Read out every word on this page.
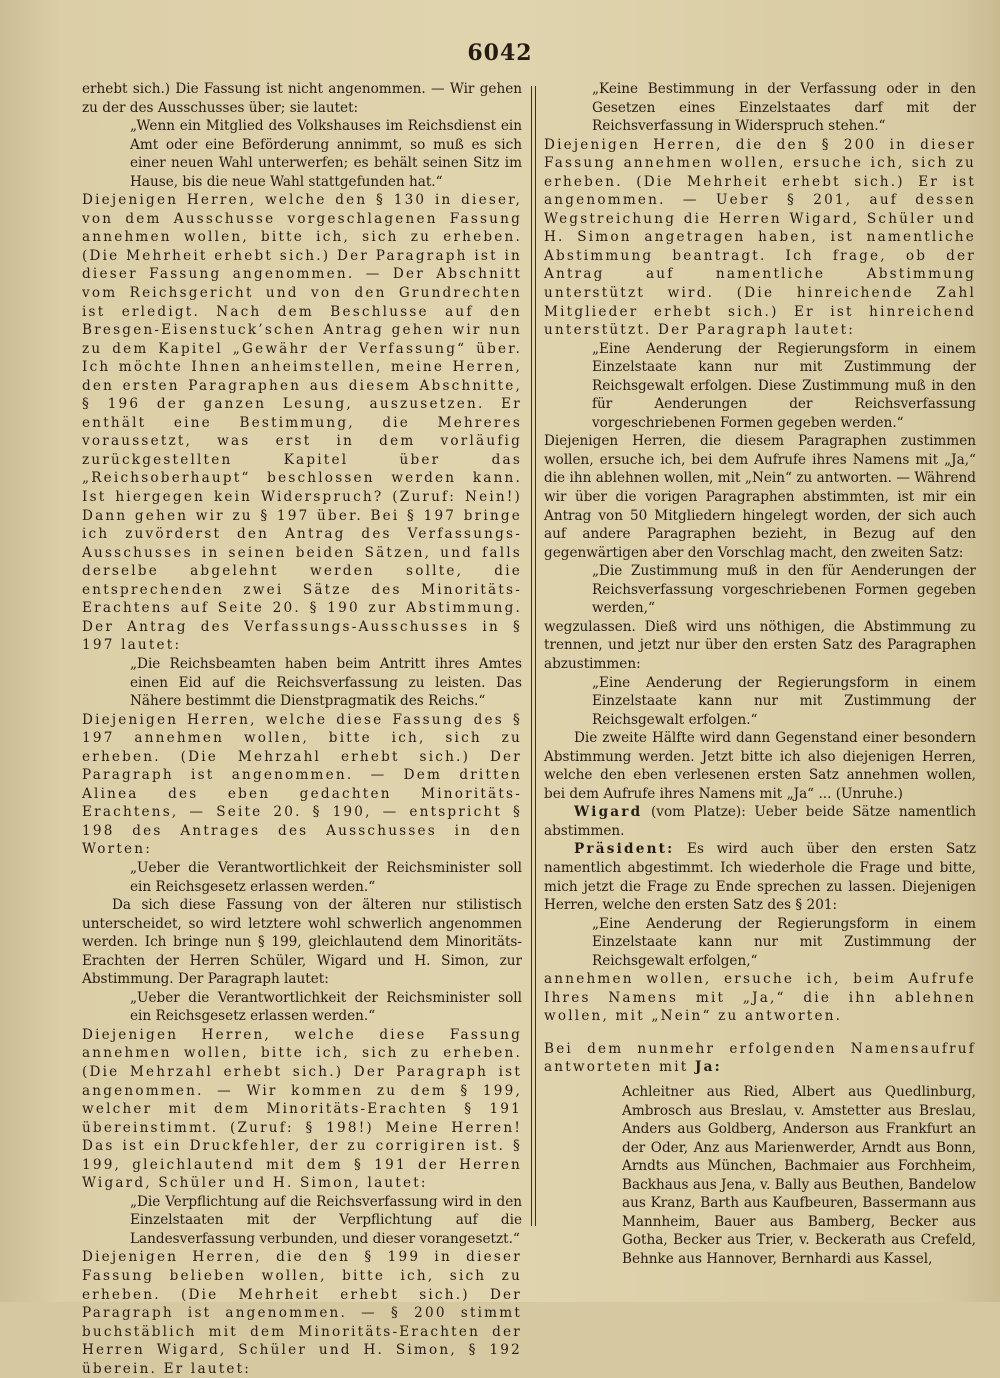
6042

erhebt sich.) Die Fassung ist nicht angenommen. — Wir gehen zu der des Ausschusses über; sie lautet:

„Wenn ein Mitglied des Volkshauses im Reichsdienst ein Amt oder eine Beförderung annimmt, so muß es sich einer neuen Wahl unterwerfen; es behält seinen Sitz im Hause, bis die neue Wahl stattgefunden hat.“

Diejenigen Herren, welche den § 130 in dieser, von dem Ausschusse vorgeschlagenen Fassung annehmen wollen, bitte ich, sich zu erheben. (Die Mehrheit erhebt sich.) Der Paragraph ist in dieser Fassung angenommen. — Der Abschnitt vom Reichsgericht und von den Grundrechten ist erledigt. Nach dem Beschlusse auf den Bresgen-Eisenstuck’schen Antrag gehen wir nun zu dem Kapitel „Gewähr der Verfassung“ über. Ich möchte Ihnen anheimstellen, meine Herren, den ersten Paragraphen aus diesem Abschnitte, § 196 der ganzen Lesung, auszusetzen. Er enthält eine Bestimmung, die Mehreres voraussetzt, was erst in dem vorläufig zurückgestellten Kapitel über das „Reichsoberhaupt“ beschlossen werden kann. Ist hiergegen kein Widerspruch? (Zuruf: Nein!) Dann gehen wir zu § 197 über. Bei § 197 bringe ich zuvörderst den Antrag des Verfassungs-Ausschusses in seinen beiden Sätzen, und falls derselbe abgelehnt werden sollte, die entsprechenden zwei Sätze des Minoritäts-Erachtens auf Seite 20. § 190 zur Abstimmung. Der Antrag des Verfassungs-Ausschusses in § 197 lautet:

„Die Reichsbeamten haben beim Antritt ihres Amtes einen Eid auf die Reichsverfassung zu leisten. Das Nähere bestimmt die Dienstpragmatik des Reichs.“

Diejenigen Herren, welche diese Fassung des § 197 annehmen wollen, bitte ich, sich zu erheben. (Die Mehrzahl erhebt sich.) Der Paragraph ist angenommen. — Dem dritten Alinea des eben gedachten Minoritäts-Erachtens, — Seite 20. § 190, — entspricht § 198 des Antrages des Ausschusses in den Worten:

„Ueber die Verantwortlichkeit der Reichsminister soll ein Reichsgesetz erlassen werden.“

Da sich diese Fassung von der älteren nur stilistisch unterscheidet, so wird letztere wohl schwerlich angenommen werden. Ich bringe nun § 199, gleichlautend dem Minoritäts-Erachten der Herren Schüler, Wigard und H. Simon, zur Abstimmung. Der Paragraph lautet:

„Ueber die Verantwortlichkeit der Reichsminister soll ein Reichsgesetz erlassen werden.“

Diejenigen Herren, welche diese Fassung annehmen wollen, bitte ich, sich zu erheben. (Die Mehrzahl erhebt sich.) Der Paragraph ist angenommen. — Wir kommen zu dem § 199, welcher mit dem Minoritäts-Erachten § 191 übereinstimmt. (Zuruf: § 198!) Meine Herren! Das ist ein Druckfehler, der zu corrigiren ist. § 199, gleichlautend mit dem § 191 der Herren Wigard, Schüler und H. Simon, lautet:

„Die Verpflichtung auf die Reichsverfassung wird in den Einzelstaaten mit der Verpflichtung auf die Landesverfassung verbunden, und dieser vorangesetzt.“

Diejenigen Herren, die den § 199 in dieser Fassung belieben wollen, bitte ich, sich zu erheben. (Die Mehrheit erhebt sich.) Der Paragraph ist angenommen. — § 200 stimmt buchstäblich mit dem Minoritäts-Erachten der Herren Wigard, Schüler und H. Simon, § 192 überein. Er lautet:

„Keine Bestimmung in der Verfassung oder in den Gesetzen eines Einzelstaates darf mit der Reichsverfassung in Widerspruch stehen.“

Diejenigen Herren, die den § 200 in dieser Fassung annehmen wollen, ersuche ich, sich zu erheben. (Die Mehrheit erhebt sich.) Er ist angenommen. — Ueber § 201, auf dessen Wegstreichung die Herren Wigard, Schüler und H. Simon angetragen haben, ist namentliche Abstimmung beantragt. Ich frage, ob der Antrag auf namentliche Abstimmung unterstützt wird. (Die hinreichende Zahl Mitglieder erhebt sich.) Er ist hinreichend unterstützt. Der Paragraph lautet:

„Eine Aenderung der Regierungsform in einem Einzelstaate kann nur mit Zustimmung der Reichsgewalt erfolgen. Diese Zustimmung muß in den für Aenderungen der Reichsverfassung vorgeschriebenen Formen gegeben werden.“

Diejenigen Herren, die diesem Paragraphen zustimmen wollen, ersuche ich, bei dem Aufrufe ihres Namens mit „Ja,“ die ihn ablehnen wollen, mit „Nein“ zu antworten. — Während wir über die vorigen Paragraphen abstimmten, ist mir ein Antrag von 50 Mitgliedern hingelegt worden, der sich auch auf andere Paragraphen bezieht, in Bezug auf den gegenwärtigen aber den Vorschlag macht, den zweiten Satz:

„Die Zustimmung muß in den für Aenderungen der Reichsverfassung vorgeschriebenen Formen gegeben werden,“

wegzulassen. Dieß wird uns nöthigen, die Abstimmung zu trennen, und jetzt nur über den ersten Satz des Paragraphen abzustimmen:

„Eine Aenderung der Regierungsform in einem Einzelstaate kann nur mit Zustimmung der Reichsgewalt erfolgen.“

Die zweite Hälfte wird dann Gegenstand einer besondern Abstimmung werden. Jetzt bitte ich also diejenigen Herren, welche den eben verlesenen ersten Satz annehmen wollen, bei dem Aufrufe ihres Namens mit „Ja“ ... (Unruhe.)

Wigard (vom Platze): Ueber beide Sätze namentlich abstimmen.

Präsident: Es wird auch über den ersten Satz namentlich abgestimmt. Ich wiederhole die Frage und bitte, mich jetzt die Frage zu Ende sprechen zu lassen. Diejenigen Herren, welche den ersten Satz des § 201:

„Eine Aenderung der Regierungsform in einem Einzelstaate kann nur mit Zustimmung der Reichsgewalt erfolgen,“

annehmen wollen, ersuche ich, beim Aufrufe Ihres Namens mit „Ja,“ die ihn ablehnen wollen, mit „Nein“ zu antworten.

Bei dem nunmehr erfolgenden Namensaufruf antworteten mit Ja:

Achleitner aus Ried, Albert aus Quedlinburg, Ambrosch aus Breslau, v. Amstetter aus Breslau, Anders aus Goldberg, Anderson aus Frankfurt an der Oder, Anz aus Marienwerder, Arndt aus Bonn, Arndts aus München, Bachmaier aus Forchheim, Backhaus aus Jena, v. Bally aus Beuthen, Bandelow aus Kranz, Barth aus Kaufbeuren, Bassermann aus Mannheim, Bauer aus Bamberg, Becker aus Gotha, Becker aus Trier, v. Beckerath aus Crefeld, Behnke aus Hannover, Bernhardi aus Kassel,
